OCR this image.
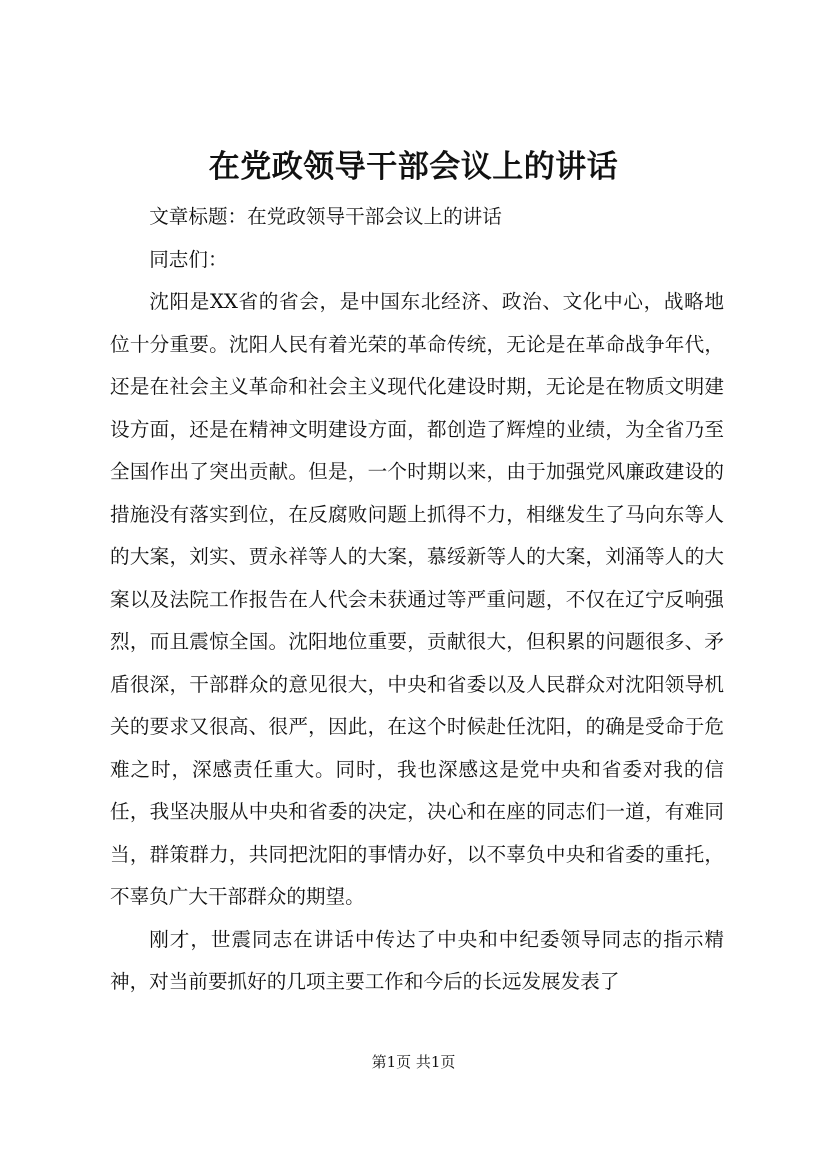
在党政领导干部会议上的讲话

文章标题：在党政领导干部会议上的讲话

同志们：

沈阳是XX省的省会，是中国东北经济、政治、文化中心，战略地位十分重要。沈阳人民有着光荣的革命传统，无论是在革命战争年代，还是在社会主义革命和社会主义现代化建设时期，无论是在物质文明建设方面，还是在精神文明建设方面，都创造了辉煌的业绩，为全省乃至全国作出了突出贡献。但是，一个时期以来，由于加强党风廉政建设的措施没有落实到位，在反腐败问题上抓得不力，相继发生了马向东等人的大案，刘实、贾永祥等人的大案，慕绥新等人的大案，刘涌等人的大案以及法院工作报告在人代会未获通过等严重问题，不仅在辽宁反响强烈，而且震惊全国。沈阳地位重要，贡献很大，但积累的问题很多、矛盾很深，干部群众的意见很大，中央和省委以及人民群众对沈阳领导机关的要求又很高、很严，因此，在这个时候赴任沈阳，的确是受命于危难之时，深感责任重大。同时，我也深感这是党中央和省委对我的信任，我坚决服从中央和省委的决定，决心和在座的同志们一道，有难同当，群策群力，共同把沈阳的事情办好，以不辜负中央和省委的重托，不辜负广大干部群众的期望。

刚才，世震同志在讲话中传达了中央和中纪委领导同志的指示精神，对当前要抓好的几项主要工作和今后的长远发展发表了

第1页 共1页
